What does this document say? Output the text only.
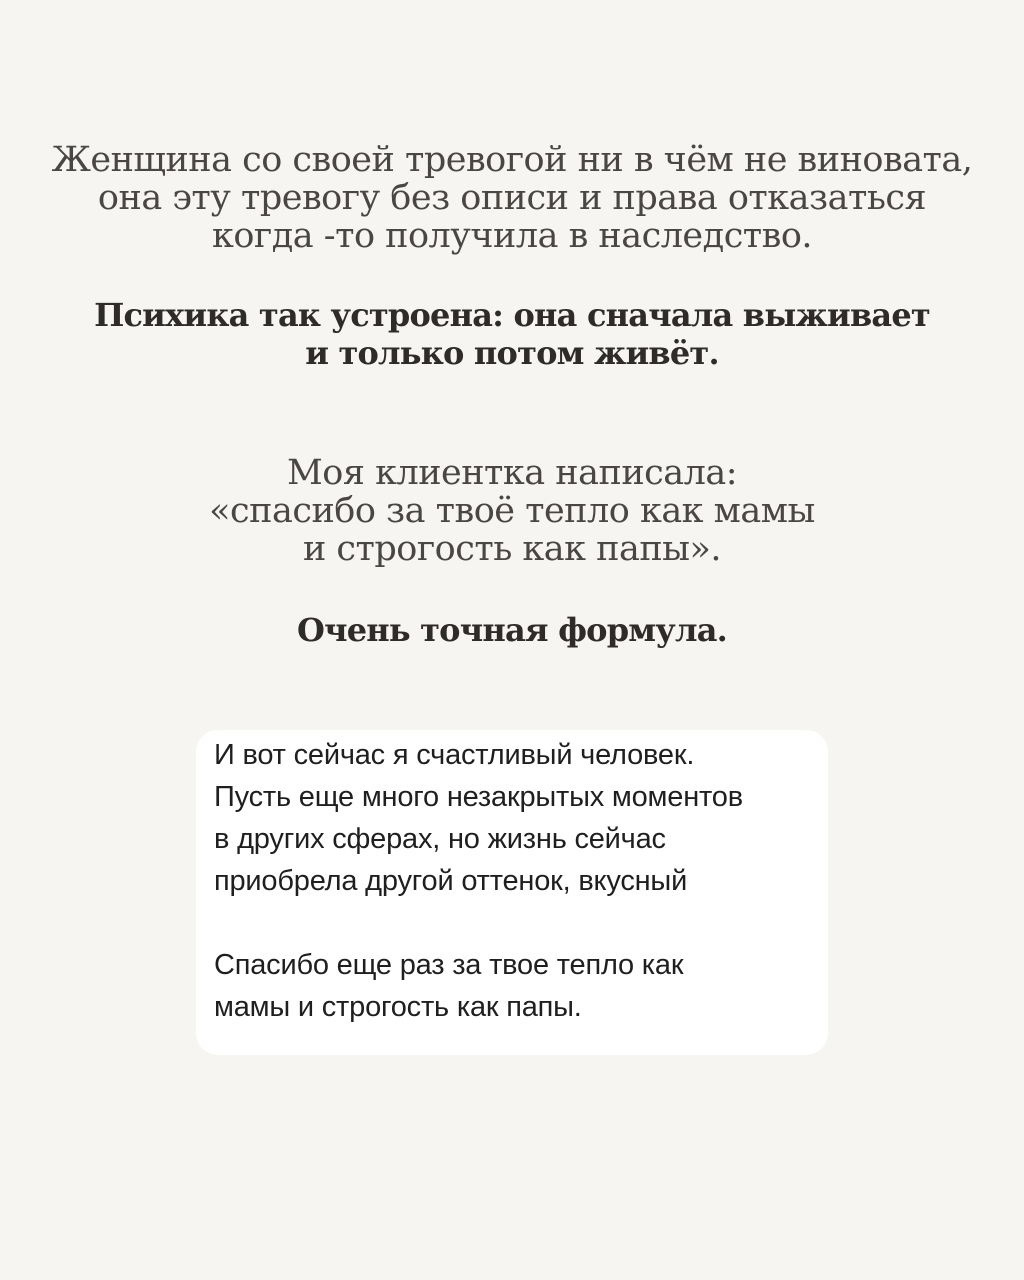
Женщина со своей тревогой ни в чём не виновата,
она эту тревогу без описи и права отказаться
когда -то получила в наследство.
Психика так устроена: она сначала выживает
и только потом живёт.
Моя клиентка написала:
«спасибо за твоё тепло как мамы
и строгость как папы».
Очень точная формула.
И вот сейчас я счастливый человек.
Пусть еще много незакрытых моментов
в других сферах, но жизнь сейчас
приобрела другой оттенок, вкусный
Спасибо еще раз за твое тепло как
мамы и строгость как папы.
